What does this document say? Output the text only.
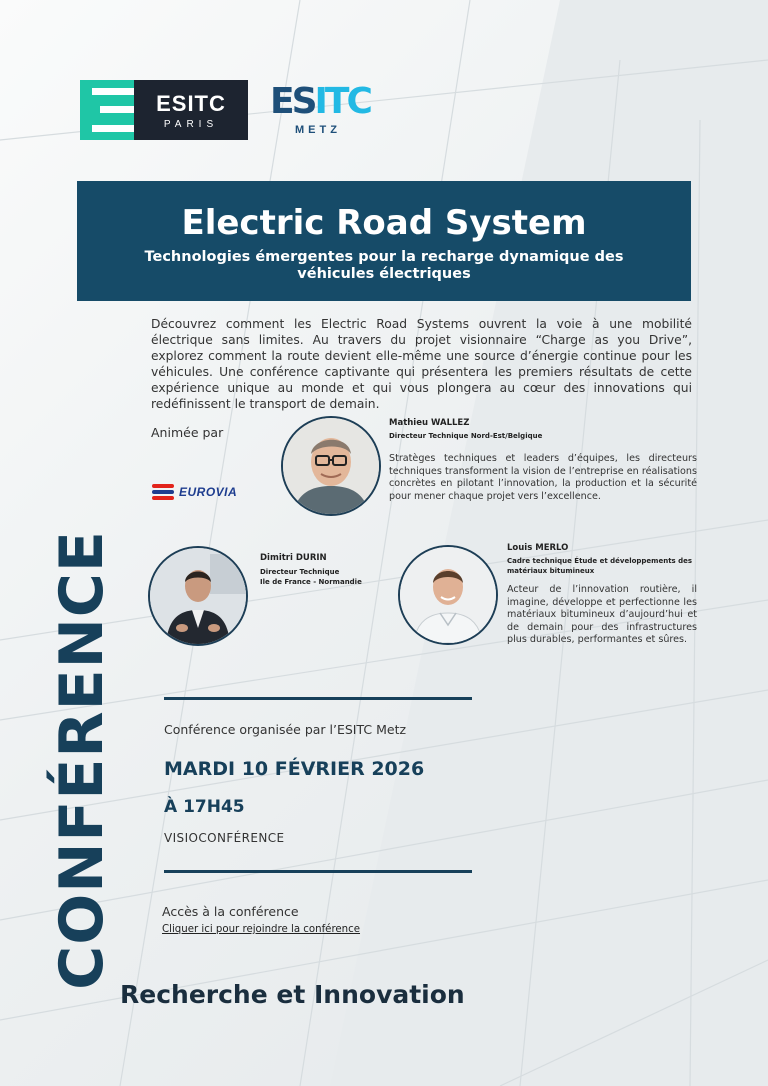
ESITC
PARIS
ESITC
METZ
Electric Road System
Technologies émergentes pour la recharge dynamique des véhicules électriques

Découvrez comment les Electric Road Systems ouvrent la voie à une mobilité électrique sans limites. Au travers du projet visionnaire “Charge as you Drive”, explorez comment la route devient elle-même une source d’énergie continue pour les véhicules. Une conférence captivante qui présentera les premiers résultats de cette expérience unique au monde et qui vous plongera au cœur des innovations qui redéfinissent le transport de demain.

Animée par
EUROVIA
Mathieu WALLEZ
Directeur Technique Nord-Est/Belgique
Stratèges techniques et leaders d’équipes, les directeurs techniques transforment la vision de l’entreprise en réalisations concrètes en pilotant l’innovation, la production et la sécurité pour mener chaque projet vers l’excellence.
Dimitri DURIN
Directeur Technique
Ile de France - Normandie
Louis MERLO
Cadre technique Étude et développements des matériaux bitumineux
Acteur de l’innovation routière, il imagine, développe et perfectionne les matériaux bitumineux d’aujourd’hui et de demain pour des infrastructures plus durables, performantes et sûres.
Conférence organisée par l’ESITC Metz
MARDI 10 FÉVRIER 2026
À 17H45
VISIOCONFÉRENCE
Accès à la conférence
Cliquer ici pour rejoindre la conférence
CONFÉRENCE
Recherche et Innovation
